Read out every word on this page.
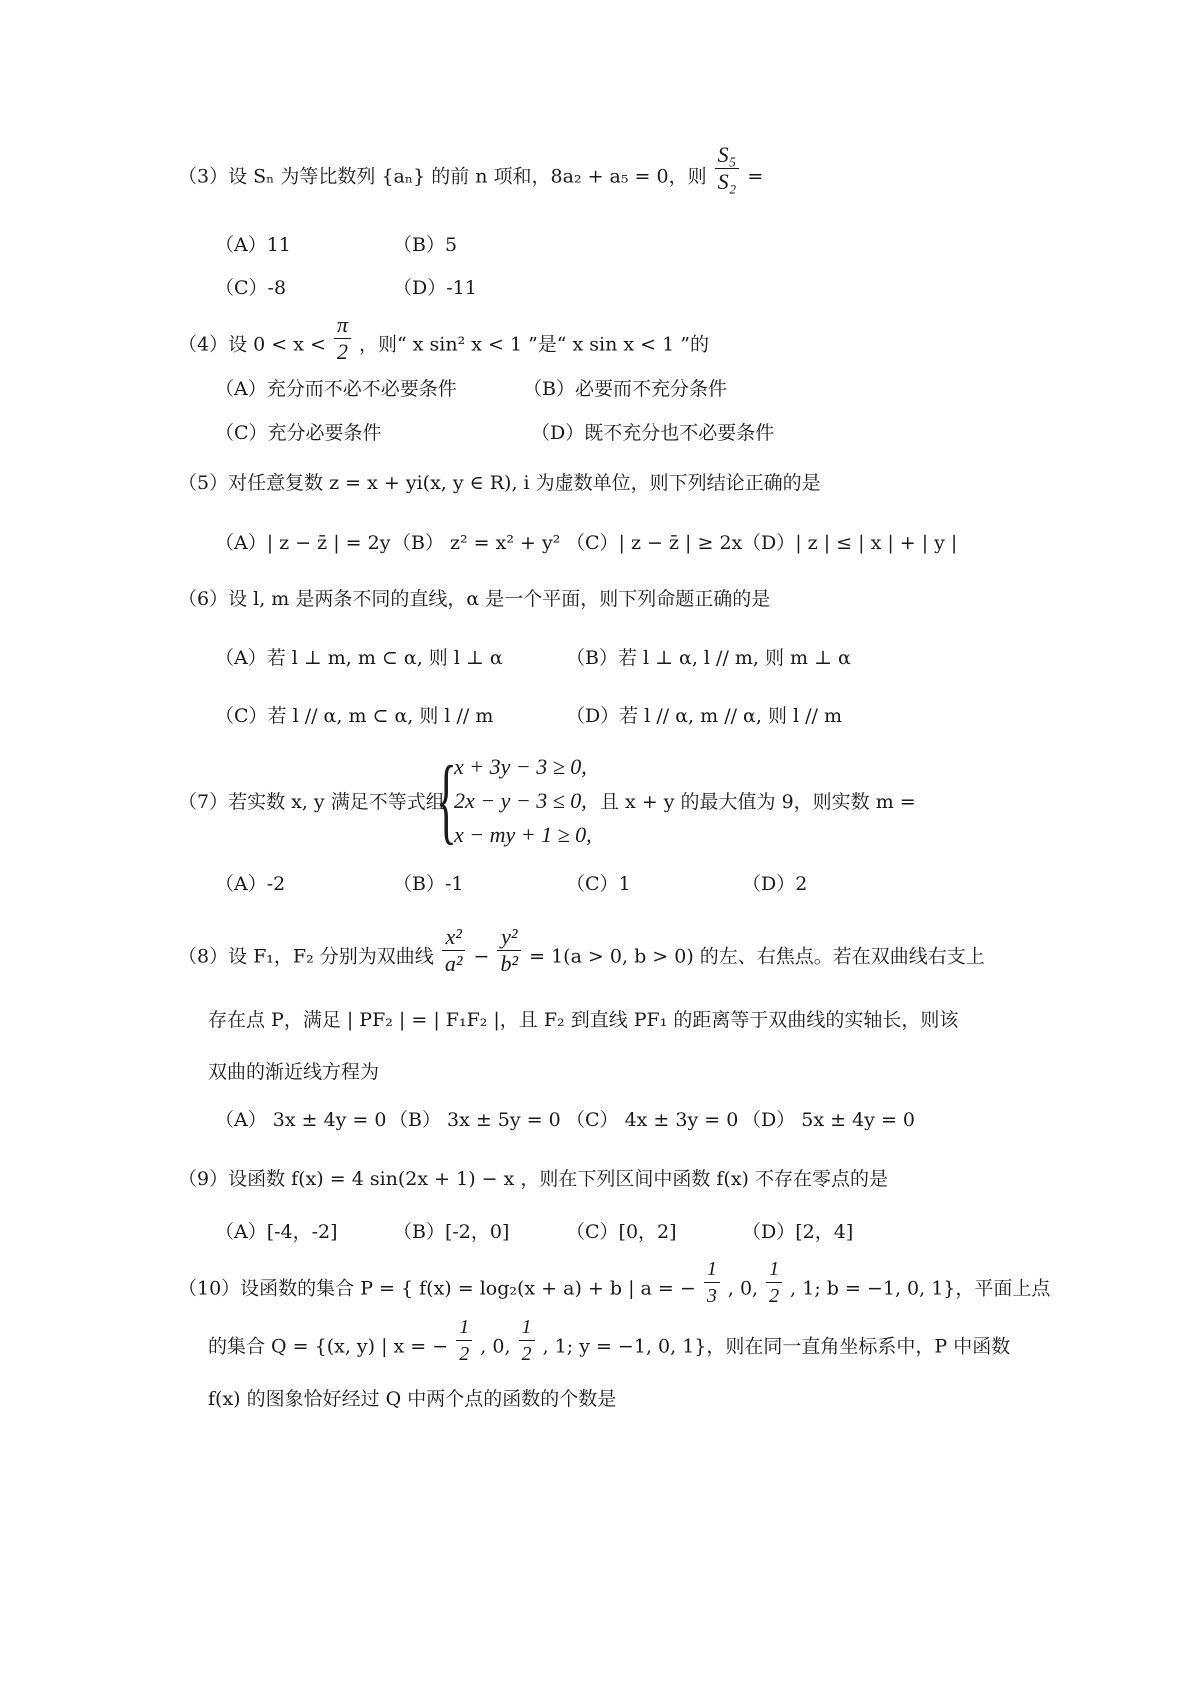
（3）设 Sₙ 为等比数列 {aₙ} 的前 n 项和，8a₂ + a₅ = 0，则 $\frac{\text{S₅}}{\text{S₂}}$ =
（A）11	（B）5
（C）-8	（D）-11
（4）设 $0 < x < \frac{\pi}{2}$ ，则“ x sin² x < 1 ”是“ x sin x < 1 ”的
（A）充分而不必不必要条件	（B）必要而不充分条件
（C）充分必要条件	（D）既不充分也不必要条件
（5）对任意复数 z = x + yi(x, y ∈ R), i 为虚数单位，则下列结论正确的是
（A）| z − z̄ | = 2y （B） z² = x² + y² （C）| z − z̄ | ≥ 2x （D）| z | ≤ | x | + | y |
（6）设 l, m 是两条不同的直线，α 是一个平面，则下列命题正确的是
（A）若 l ⊥ m, m ⊂ α, 则 l ⊥ α	（B）若 l ⊥ α, l // m, 则 m ⊥ α
（C）若 l // α, m ⊂ α, 则 l // m	（D）若 l // α, m // α, 则 l // m
（7）若实数 x, y 满足不等式组
{
x + 3y − 3 ≥ 0,
2x − y − 3 ≤ 0,
x − my + 1 ≥ 0,
且 x + y 的最大值为 9，则实数 m =
（A）-2	（B）-1	（C）1	（D）2
（8）设 F₁，F₂ 分别为双曲线 $\frac{\text{x²}}{\text{a²}} - \frac{\text{y²}}{\text{b²}} = 1(a > 0$, b > 0) 的左、右焦点。若在双曲线右支上
存在点 P，满足 | PF₂ | = | F₁F₂ |，且 F₂ 到直线 PF₁ 的距离等于双曲线的实轴长，则该
双曲的渐近线方程为
（A） 3x ± 4y = 0 （B） 3x ± 5y = 0 （C） 4x ± 3y = 0 （D） 5x ± 4y = 0
（9）设函数 f(x) = 4 sin(2x + 1) − x ，则在下列区间中函数 f(x) 不存在零点的是
（A）[-4，-2]	（B）[-2，0]	（C）[0，2]	（D）[2，4]
（10）设函数的集合 P = { f(x) = log₂(x + a) + b | a = − $\frac{1}{3}$ , 0, $\frac{1}{2}$ , 1; b = −1, 0, 1}，平面上点
的集合 Q = {(x, y) | x = − $\frac{1}{2}$ , 0, $\frac{1}{2}$ , 1; y = −1, 0, 1}，则在同一直角坐标系中，P 中函数
f(x) 的图象恰好经过 Q 中两个点的函数的个数是
